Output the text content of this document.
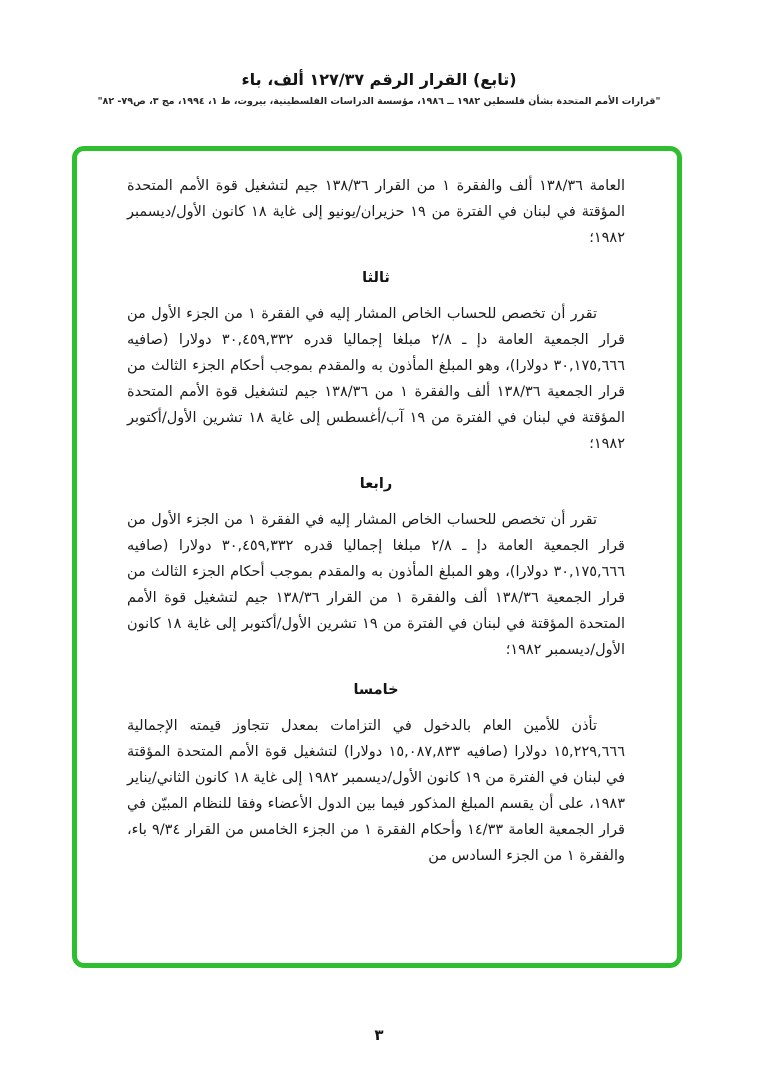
(تابع) القرار الرقم ١٢٧/٣٧ ألف، باء
"قرارات الأمم المتحدة بشأن فلسطين ١٩٨٢ ــ ١٩٨٦، مؤسسة الدراسات الفلسطينية، بيروت، ط ١، ١٩٩٤، مج ٣، ص٧٩- ٨٢"

العامة ١٣٨/٣٦ ألف والفقرة ١ من القرار ١٣٨/٣٦ جيم لتشغيل قوة الأمم المتحدة المؤقتة في لبنان في الفترة من ١٩ حزيران/يونيو إلى غاية ١٨ كانون الأول/ديسمبر ١٩٨٢؛

ثالثا

تقرر أن تخصص للحساب الخاص المشار إليه في الفقرة ١ من الجزء الأول من قرار الجمعية العامة دإ ـ ٢/٨ مبلغا إجماليا قدره ٣٠,٤٥٩,٣٣٢ دولارا (صافيه ٣٠,١٧٥,٦٦٦ دولارا)، وهو المبلغ المأذون به والمقدم بموجب أحكام الجزء الثالث من قرار الجمعية ١٣٨/٣٦ ألف والفقرة ١ من ١٣٨/٣٦ جيم لتشغيل قوة الأمم المتحدة المؤقتة في لبنان في الفترة من ١٩ آب/أغسطس إلى غاية ١٨ تشرين الأول/أكتوبر ١٩٨٢؛

رابعا

تقرر أن تخصص للحساب الخاص المشار إليه في الفقرة ١ من الجزء الأول من قرار الجمعية العامة دإ ـ ٢/٨ مبلغا إجماليا قدره ٣٠,٤٥٩,٣٣٢ دولارا (صافيه ٣٠,١٧٥,٦٦٦ دولارا)، وهو المبلغ المأذون به والمقدم بموجب أحكام الجزء الثالث من قرار الجمعية ١٣٨/٣٦ ألف والفقرة ١ من القرار ١٣٨/٣٦ جيم لتشغيل قوة الأمم المتحدة المؤقتة في لبنان في الفترة من ١٩ تشرين الأول/أكتوبر إلى غاية ١٨ كانون الأول/ديسمبر ١٩٨٢؛

خامسا

تأذن للأمين العام بالدخول في التزامات بمعدل تتجاوز قيمته الإجمالية ١٥,٢٢٩,٦٦٦ دولارا (صافيه ١٥,٠٨٧,٨٣٣ دولارا) لتشغيل قوة الأمم المتحدة المؤقتة في لبنان في الفترة من ١٩ كانون الأول/ديسمبر ١٩٨٢ إلى غاية ١٨ كانون الثاني/يناير ١٩٨٣، على أن يقسم المبلغ المذكور فيما بين الدول الأعضاء وفقا للنظام المبيّن في قرار الجمعية العامة ١٤/٣٣ وأحكام الفقرة ١ من الجزء الخامس من القرار ٩/٣٤ باء، والفقرة ١ من الجزء السادس من

٣
